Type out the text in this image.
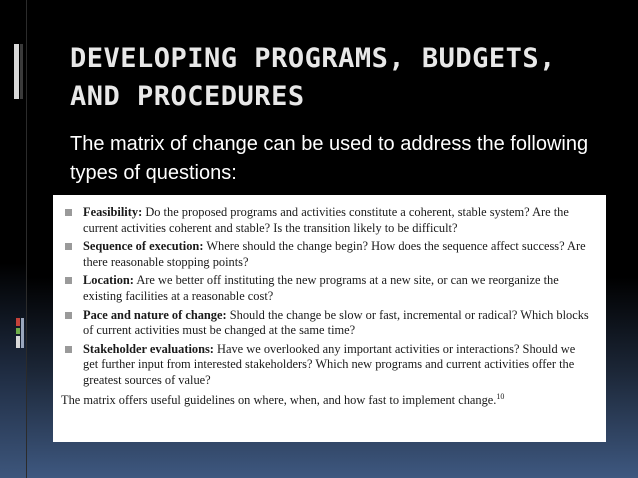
DEVELOPING PROGRAMS, BUDGETS,
AND PROCEDURES
The matrix of change can be used to address the following types of questions:
Feasibility: Do the proposed programs and activities constitute a coherent, stable system? Are the current activities coherent and stable? Is the transition likely to be difficult?
Sequence of execution: Where should the change begin? How does the sequence affect success? Are there reasonable stopping points?
Location: Are we better off instituting the new programs at a new site, or can we reorganize the existing facilities at a reasonable cost?
Pace and nature of change: Should the change be slow or fast, incremental or radical? Which blocks of current activities must be changed at the same time?
Stakeholder evaluations: Have we overlooked any important activities or interactions? Should we get further input from interested stakeholders? Which new programs and current activities offer the greatest sources of value?
The matrix offers useful guidelines on where, when, and how fast to implement change.$^{10}$
